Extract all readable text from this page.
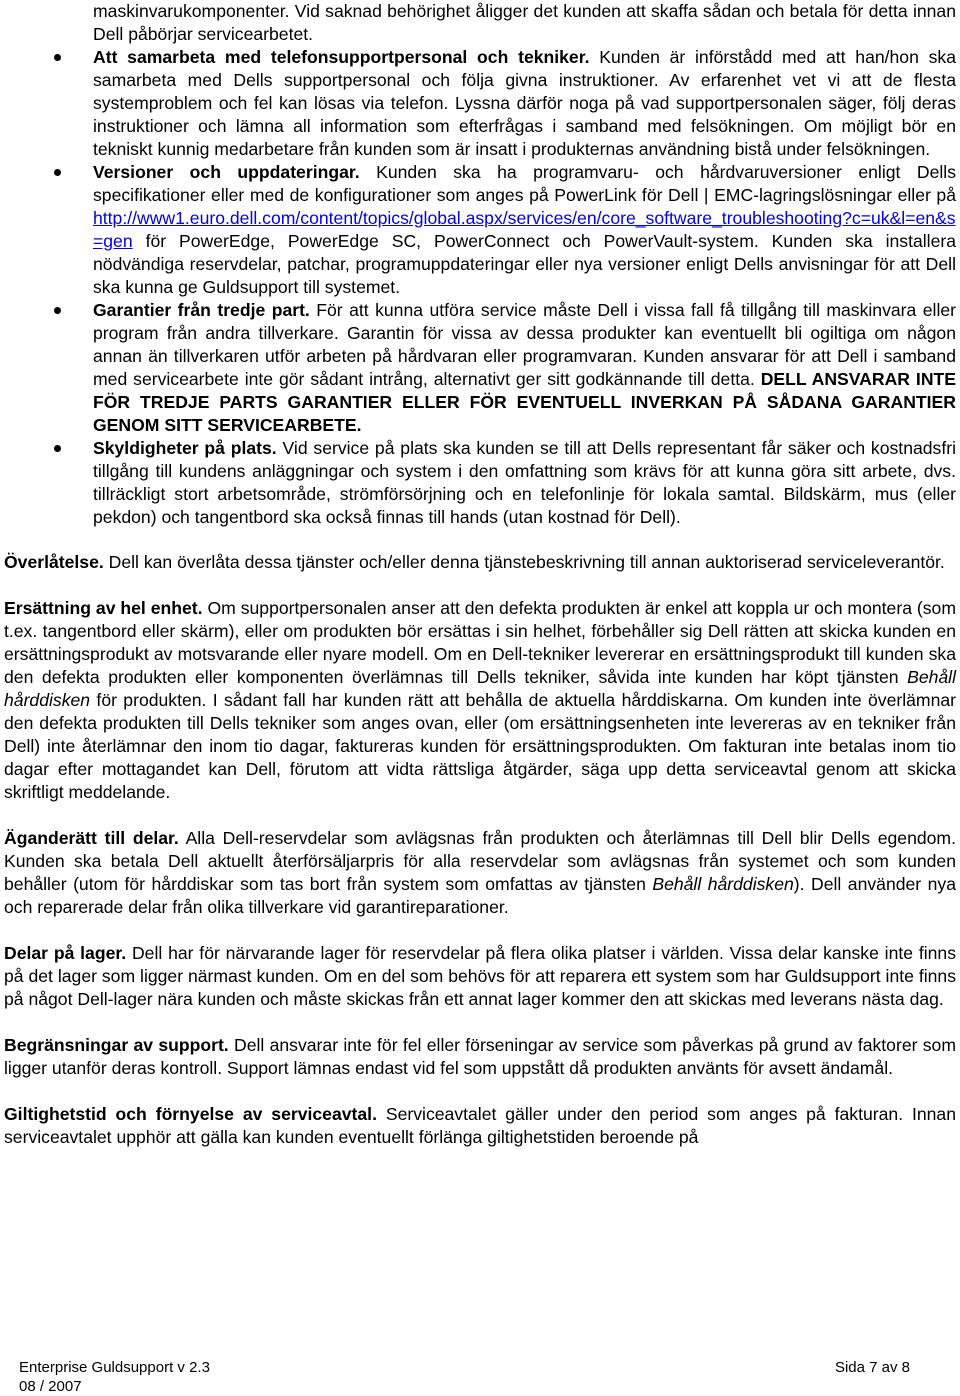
maskinvarukomponenter. Vid saknad behörighet åligger det kunden att skaffa sådan och betala för detta innan Dell påbörjar servicearbetet.
Att samarbeta med telefonsupportpersonal och tekniker. Kunden är införstådd med att han/hon ska samarbeta med Dells supportpersonal och följa givna instruktioner. Av erfarenhet vet vi att de flesta systemproblem och fel kan lösas via telefon. Lyssna därför noga på vad supportpersonalen säger, följ deras instruktioner och lämna all information som efterfrågas i samband med felsökningen. Om möjligt bör en tekniskt kunnig medarbetare från kunden som är insatt i produkternas användning bistå under felsökningen.
Versioner och uppdateringar. Kunden ska ha programvaru- och hårdvaruversioner enligt Dells specifikationer eller med de konfigurationer som anges på PowerLink för Dell | EMC-lagringslösningar eller på http://www1.euro.dell.com/content/topics/global.aspx/services/en/core_software_troubleshooting?c=uk&l=en&s=gen för PowerEdge, PowerEdge SC, PowerConnect och PowerVault-system. Kunden ska installera nödvändiga reservdelar, patchar, programuppdateringar eller nya versioner enligt Dells anvisningar för att Dell ska kunna ge Guldsupport till systemet.
Garantier från tredje part. För att kunna utföra service måste Dell i vissa fall få tillgång till maskinvara eller program från andra tillverkare. Garantin för vissa av dessa produkter kan eventuellt bli ogiltiga om någon annan än tillverkaren utför arbeten på hårdvaran eller programvaran. Kunden ansvarar för att Dell i samband med servicearbete inte gör sådant intrång, alternativt ger sitt godkännande till detta. DELL ANSVARAR INTE FÖR TREDJE PARTS GARANTIER ELLER FÖR EVENTUELL INVERKAN PÅ SÅDANA GARANTIER GENOM SITT SERVICEARBETE.
Skyldigheter på plats. Vid service på plats ska kunden se till att Dells representant får säker och kostnadsfri tillgång till kundens anläggningar och system i den omfattning som krävs för att kunna göra sitt arbete, dvs. tillräckligt stort arbetsområde, strömförsörjning och en telefonlinje för lokala samtal. Bildskärm, mus (eller pekdon) och tangentbord ska också finnas till hands (utan kostnad för Dell).

Överlåtelse. Dell kan överlåta dessa tjänster och/eller denna tjänstebeskrivning till annan auktoriserad serviceleverantör.

Ersättning av hel enhet. Om supportpersonalen anser att den defekta produkten är enkel att koppla ur och montera (som t.ex. tangentbord eller skärm), eller om produkten bör ersättas i sin helhet, förbehåller sig Dell rätten att skicka kunden en ersättningsprodukt av motsvarande eller nyare modell. Om en Dell-tekniker levererar en ersättningsprodukt till kunden ska den defekta produkten eller komponenten överlämnas till Dells tekniker, såvida inte kunden har köpt tjänsten Behåll hårddisken för produkten. I sådant fall har kunden rätt att behålla de aktuella hårddiskarna. Om kunden inte överlämnar den defekta produkten till Dells tekniker som anges ovan, eller (om ersättningsenheten inte levereras av en tekniker från Dell) inte återlämnar den inom tio dagar, faktureras kunden för ersättningsprodukten. Om fakturan inte betalas inom tio dagar efter mottagandet kan Dell, förutom att vidta rättsliga åtgärder, säga upp detta serviceavtal genom att skicka skriftligt meddelande.

Äganderätt till delar. Alla Dell-reservdelar som avlägsnas från produkten och återlämnas till Dell blir Dells egendom. Kunden ska betala Dell aktuellt återförsäljarpris för alla reservdelar som avlägsnas från systemet och som kunden behåller (utom för hårddiskar som tas bort från system som omfattas av tjänsten Behåll hårddisken). Dell använder nya och reparerade delar från olika tillverkare vid garantireparationer.

Delar på lager. Dell har för närvarande lager för reservdelar på flera olika platser i världen. Vissa delar kanske inte finns på det lager som ligger närmast kunden. Om en del som behövs för att reparera ett system som har Guldsupport inte finns på något Dell-lager nära kunden och måste skickas från ett annat lager kommer den att skickas med leverans nästa dag.

Begränsningar av support. Dell ansvarar inte för fel eller förseningar av service som påverkas på grund av faktorer som ligger utanför deras kontroll. Support lämnas endast vid fel som uppstått då produkten använts för avsett ändamål.

Giltighetstid och förnyelse av serviceavtal. Serviceavtalet gäller under den period som anges på fakturan. Innan serviceavtalet upphör att gälla kan kunden eventuellt förlänga giltighetstiden beroende på

Enterprise Guldsupport v 2.3
08 / 2007
Sida 7 av 8
